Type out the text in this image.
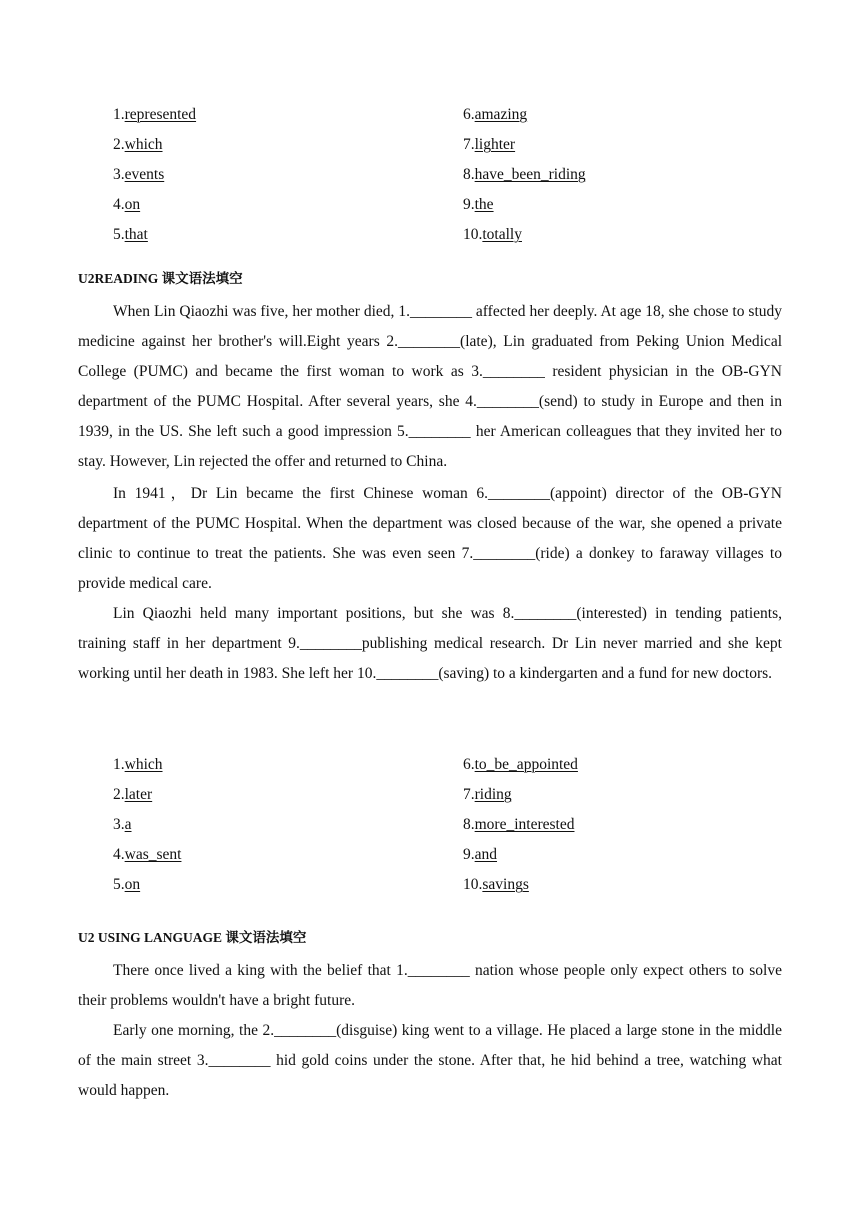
1.represented	6.amazing
2.which	7.lighter
3.events	8.have_been_riding
4.on	9.the
5.that	10.totally
U2READING 课文语法填空

When Lin Qiaozhi was five, her mother died, 1.________ affected her deeply. At age 18, she chose to study medicine against her brother's will.Eight years 2.________(late), Lin graduated from Peking Union Medical College (PUMC) and became the first woman to work as 3.________ resident physician in the OB-GYN department of the PUMC Hospital. After several years, she 4.________(send) to study in Europe and then in 1939, in the US. She left such a good impression 5.________ her American colleagues that they invited her to stay. However, Lin rejected the offer and returned to China.

In 1941，Dr Lin became the first Chinese woman 6.________(appoint) director of the OB-GYN department of the PUMC Hospital. When the department was closed because of the war, she opened a private clinic to continue to treat the patients. She was even seen 7.________(ride) a donkey to faraway villages to provide medical care.

Lin Qiaozhi held many important positions, but she was 8.________(interested) in tending patients, training staff in her department 9.________publishing medical research. Dr Lin never married and she kept working until her death in 1983. She left her 10.________(saving) to a kindergarten and a fund for new doctors.

1.which	6.to_be_appointed
2.later	7.riding
3.a	8.more_interested
4.was_sent	9.and
5.on	10.savings
U2 USING LANGUAGE 课文语法填空

There once lived a king with the belief that 1.________ nation whose people only expect others to solve their problems wouldn't have a bright future.

Early one morning, the 2.________(disguise) king went to a village. He placed a large stone in the middle of the main street 3.________ hid gold coins under the stone. After that, he hid behind a tree, watching what would happen.
